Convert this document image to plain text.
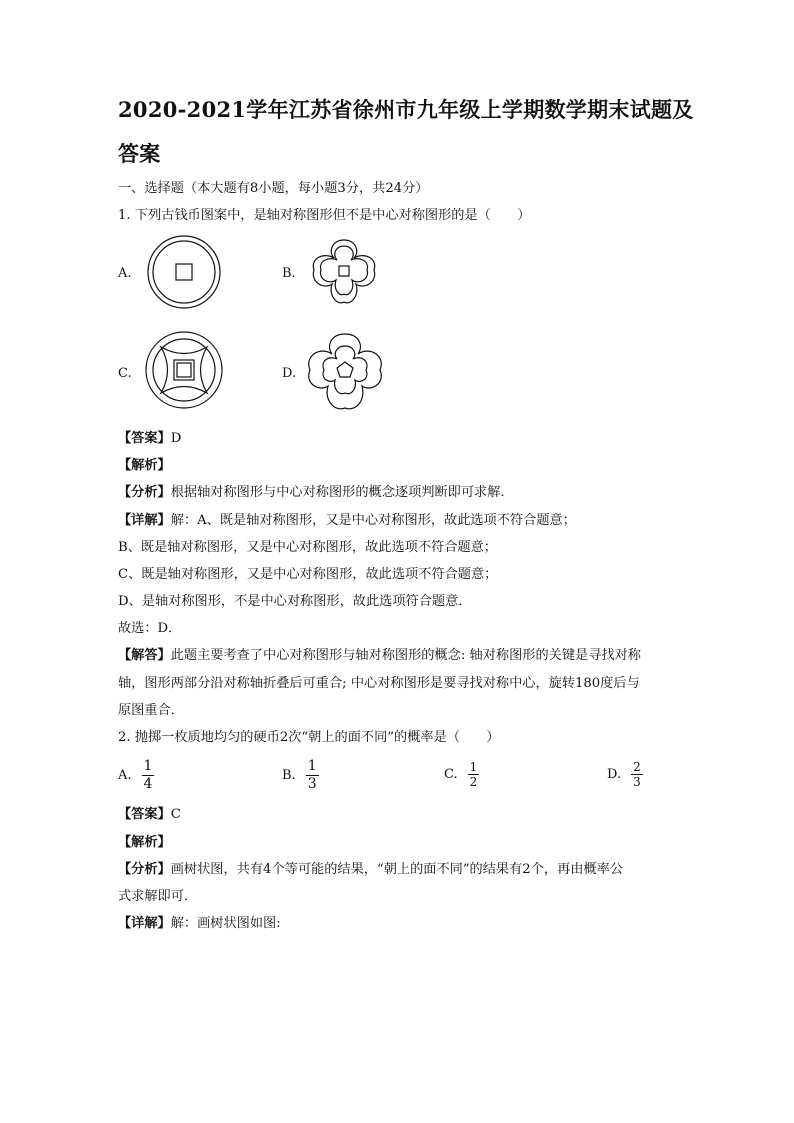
2020-2021学年江苏省徐州市九年级上学期数学期末试题及
答案
一、选择题（本大题有8小题，每小题3分，共24分）
1. 下列古钱币图案中，是轴对称图形但不是中心对称图形的是（　　）
A.	B.
C.	D.
【答案】D
【解析】
【分析】根据轴对称图形与中心对称图形的概念逐项判断即可求解．
【详解】解：A、既是轴对称图形，又是中心对称图形，故此选项不符合题意；
B、既是轴对称图形，又是中心对称图形，故此选项不符合题意；
C、既是轴对称图形，又是中心对称图形，故此选项不符合题意；
D、是轴对称图形，不是中心对称图形，故此选项符合题意．
故选：D．
【解答】此题主要考查了中心对称图形与轴对称图形的概念: 轴对称图形的关键是寻找对称
轴，图形两部分沿对称轴折叠后可重合; 中心对称图形是要寻找对称中心，旋转180度后与
原图重合．
2. 抛掷一枚质地均匀的硬币2次“朝上的面不同”的概率是（　　）
A.
1
4
B.
1
3
C. 1
2	D. 2
3
【答案】C
【解析】
【分析】画树状图，共有4个等可能的结果，“朝上的面不同”的结果有2个，再由概率公
式求解即可．
【详解】解：画树状图如图:
